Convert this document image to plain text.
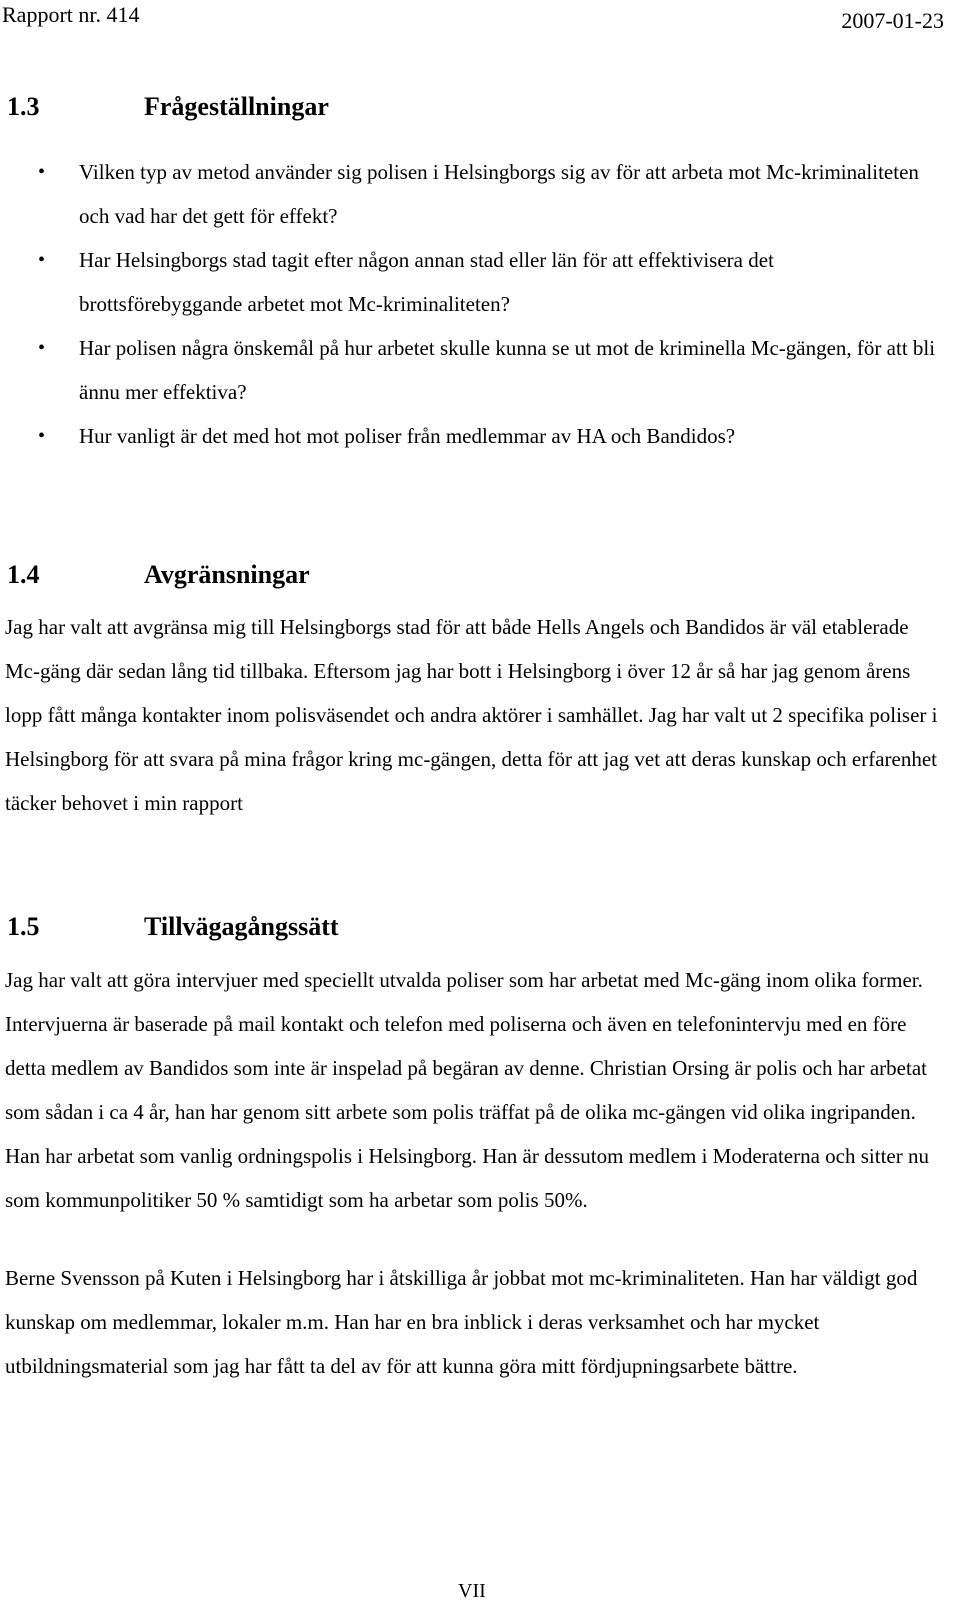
Rapport nr. 414	2007-01-23
1.3	Frågeställningar
• Vilken typ av metod använder sig polisen i Helsingborgs sig av för att arbeta mot Mc-kriminaliteten och vad har det gett för effekt?
• Har Helsingborgs stad tagit efter någon annan stad eller län för att effektivisera det brottsförebyggande arbetet mot Mc-kriminaliteten?
• Har polisen några önskemål på hur arbetet skulle kunna se ut mot de kriminella Mc-gängen, för att bli ännu mer effektiva?
• Hur vanligt är det med hot mot poliser från medlemmar av HA och Bandidos?
1.4	Avgränsningar

Jag har valt att avgränsa mig till Helsingborgs stad för att både Hells Angels och Bandidos är väl etablerade Mc-gäng där sedan lång tid tillbaka. Eftersom jag har bott i Helsingborg i över 12 år så har jag genom årens lopp fått många kontakter inom polisväsendet och andra aktörer i samhället. Jag har valt ut 2 specifika poliser i Helsingborg för att svara på mina frågor kring mc-gängen, detta för att jag vet att deras kunskap och erfarenhet täcker behovet i min rapport

1.5	Tillvägagångssätt

Jag har valt att göra intervjuer med speciellt utvalda poliser som har arbetat med Mc-gäng inom olika former. Intervjuerna är baserade på mail kontakt och telefon med poliserna och även en telefonintervju med en före detta medlem av Bandidos som inte är inspelad på begäran av denne. Christian Orsing är polis och har arbetat som sådan i ca 4 år, han har genom sitt arbete som polis träffat på de olika mc-gängen vid olika ingripanden. Han har arbetat som vanlig ordningspolis i Helsingborg. Han är dessutom medlem i Moderaterna och sitter nu som kommunpolitiker 50 % samtidigt som ha arbetar som polis 50%.

Berne Svensson på Kuten i Helsingborg har i åtskilliga år jobbat mot mc-kriminaliteten. Han har väldigt god kunskap om medlemmar, lokaler m.m. Han har en bra inblick i deras verksamhet och har mycket utbildningsmaterial som jag har fått ta del av för att kunna göra mitt fördjupningsarbete bättre.

VII
